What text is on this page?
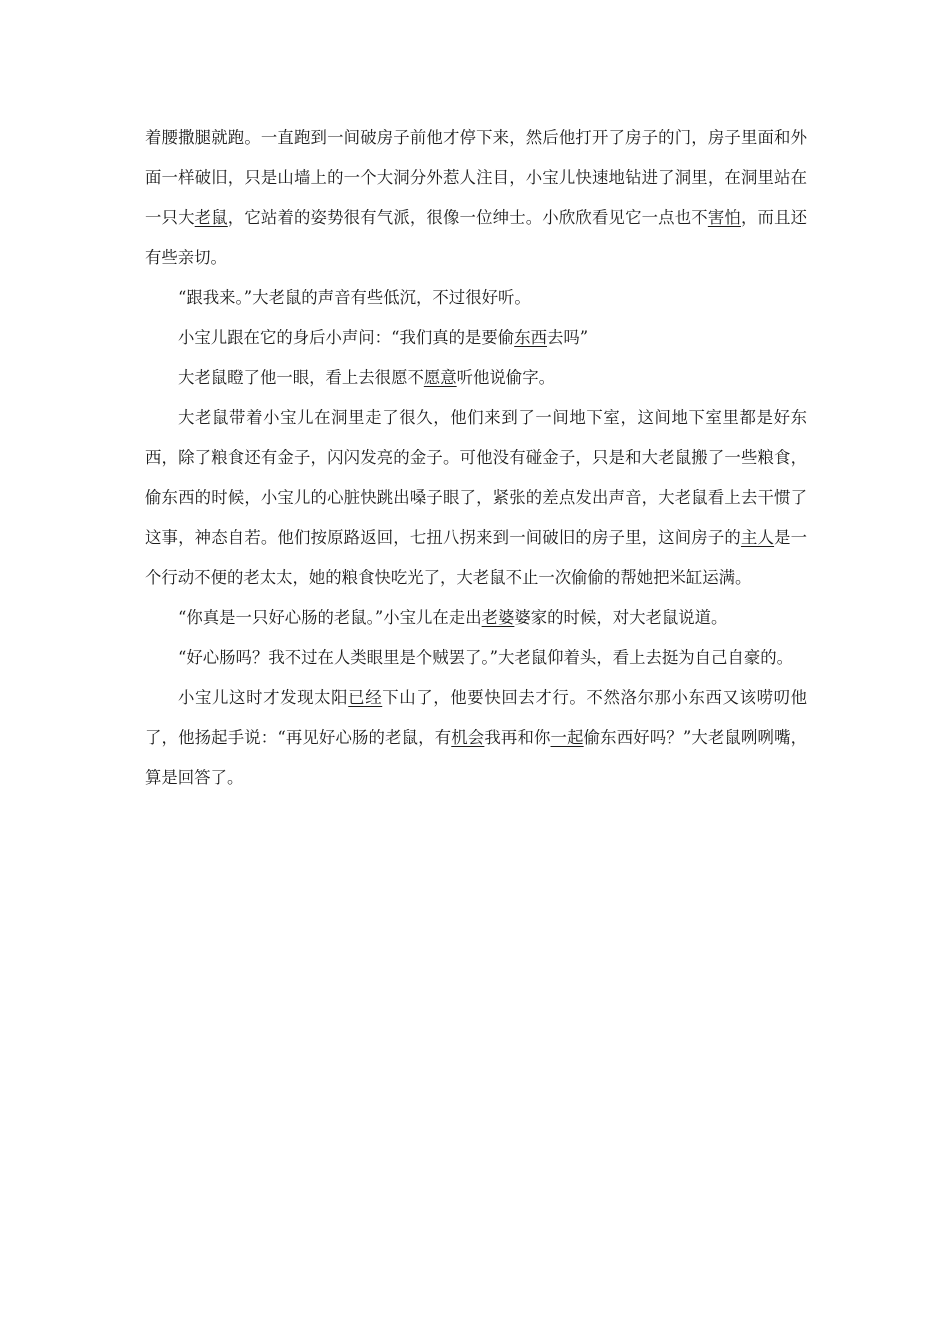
着腰撒腿就跑。一直跑到一间破房子前他才停下来，然后他打开了房子的门，房子里面和外面一样破旧，只是山墙上的一个大洞分外惹人注目，小宝儿快速地钻进了洞里，在洞里站在一只大老鼠，它站着的姿势很有气派，很像一位绅士。小欣欣看见它一点也不害怕，而且还有些亲切。

“跟我来。”大老鼠的声音有些低沉，不过很好听。

小宝儿跟在它的身后小声问：“我们真的是要偷东西去吗”

大老鼠瞪了他一眼，看上去很愿不愿意听他说偷字。

大老鼠带着小宝儿在洞里走了很久，他们来到了一间地下室，这间地下室里都是好东西，除了粮食还有金子，闪闪发亮的金子。可他没有碰金子，只是和大老鼠搬了一些粮食，偷东西的时候，小宝儿的心脏快跳出嗓子眼了，紧张的差点发出声音，大老鼠看上去干惯了这事，神态自若。他们按原路返回，七扭八拐来到一间破旧的房子里，这间房子的主人是一个行动不便的老太太，她的粮食快吃光了，大老鼠不止一次偷偷的帮她把米缸运满。

“你真是一只好心肠的老鼠。”小宝儿在走出老婆婆家的时候，对大老鼠说道。

“好心肠吗？我不过在人类眼里是个贼罢了。”大老鼠仰着头，看上去挺为自己自豪的。

小宝儿这时才发现太阳已经下山了，他要快回去才行。不然洛尔那小东西又该唠叨他了，他扬起手说：“再见好心肠的老鼠，有机会我再和你一起偷东西好吗？”大老鼠咧咧嘴，算是回答了。
